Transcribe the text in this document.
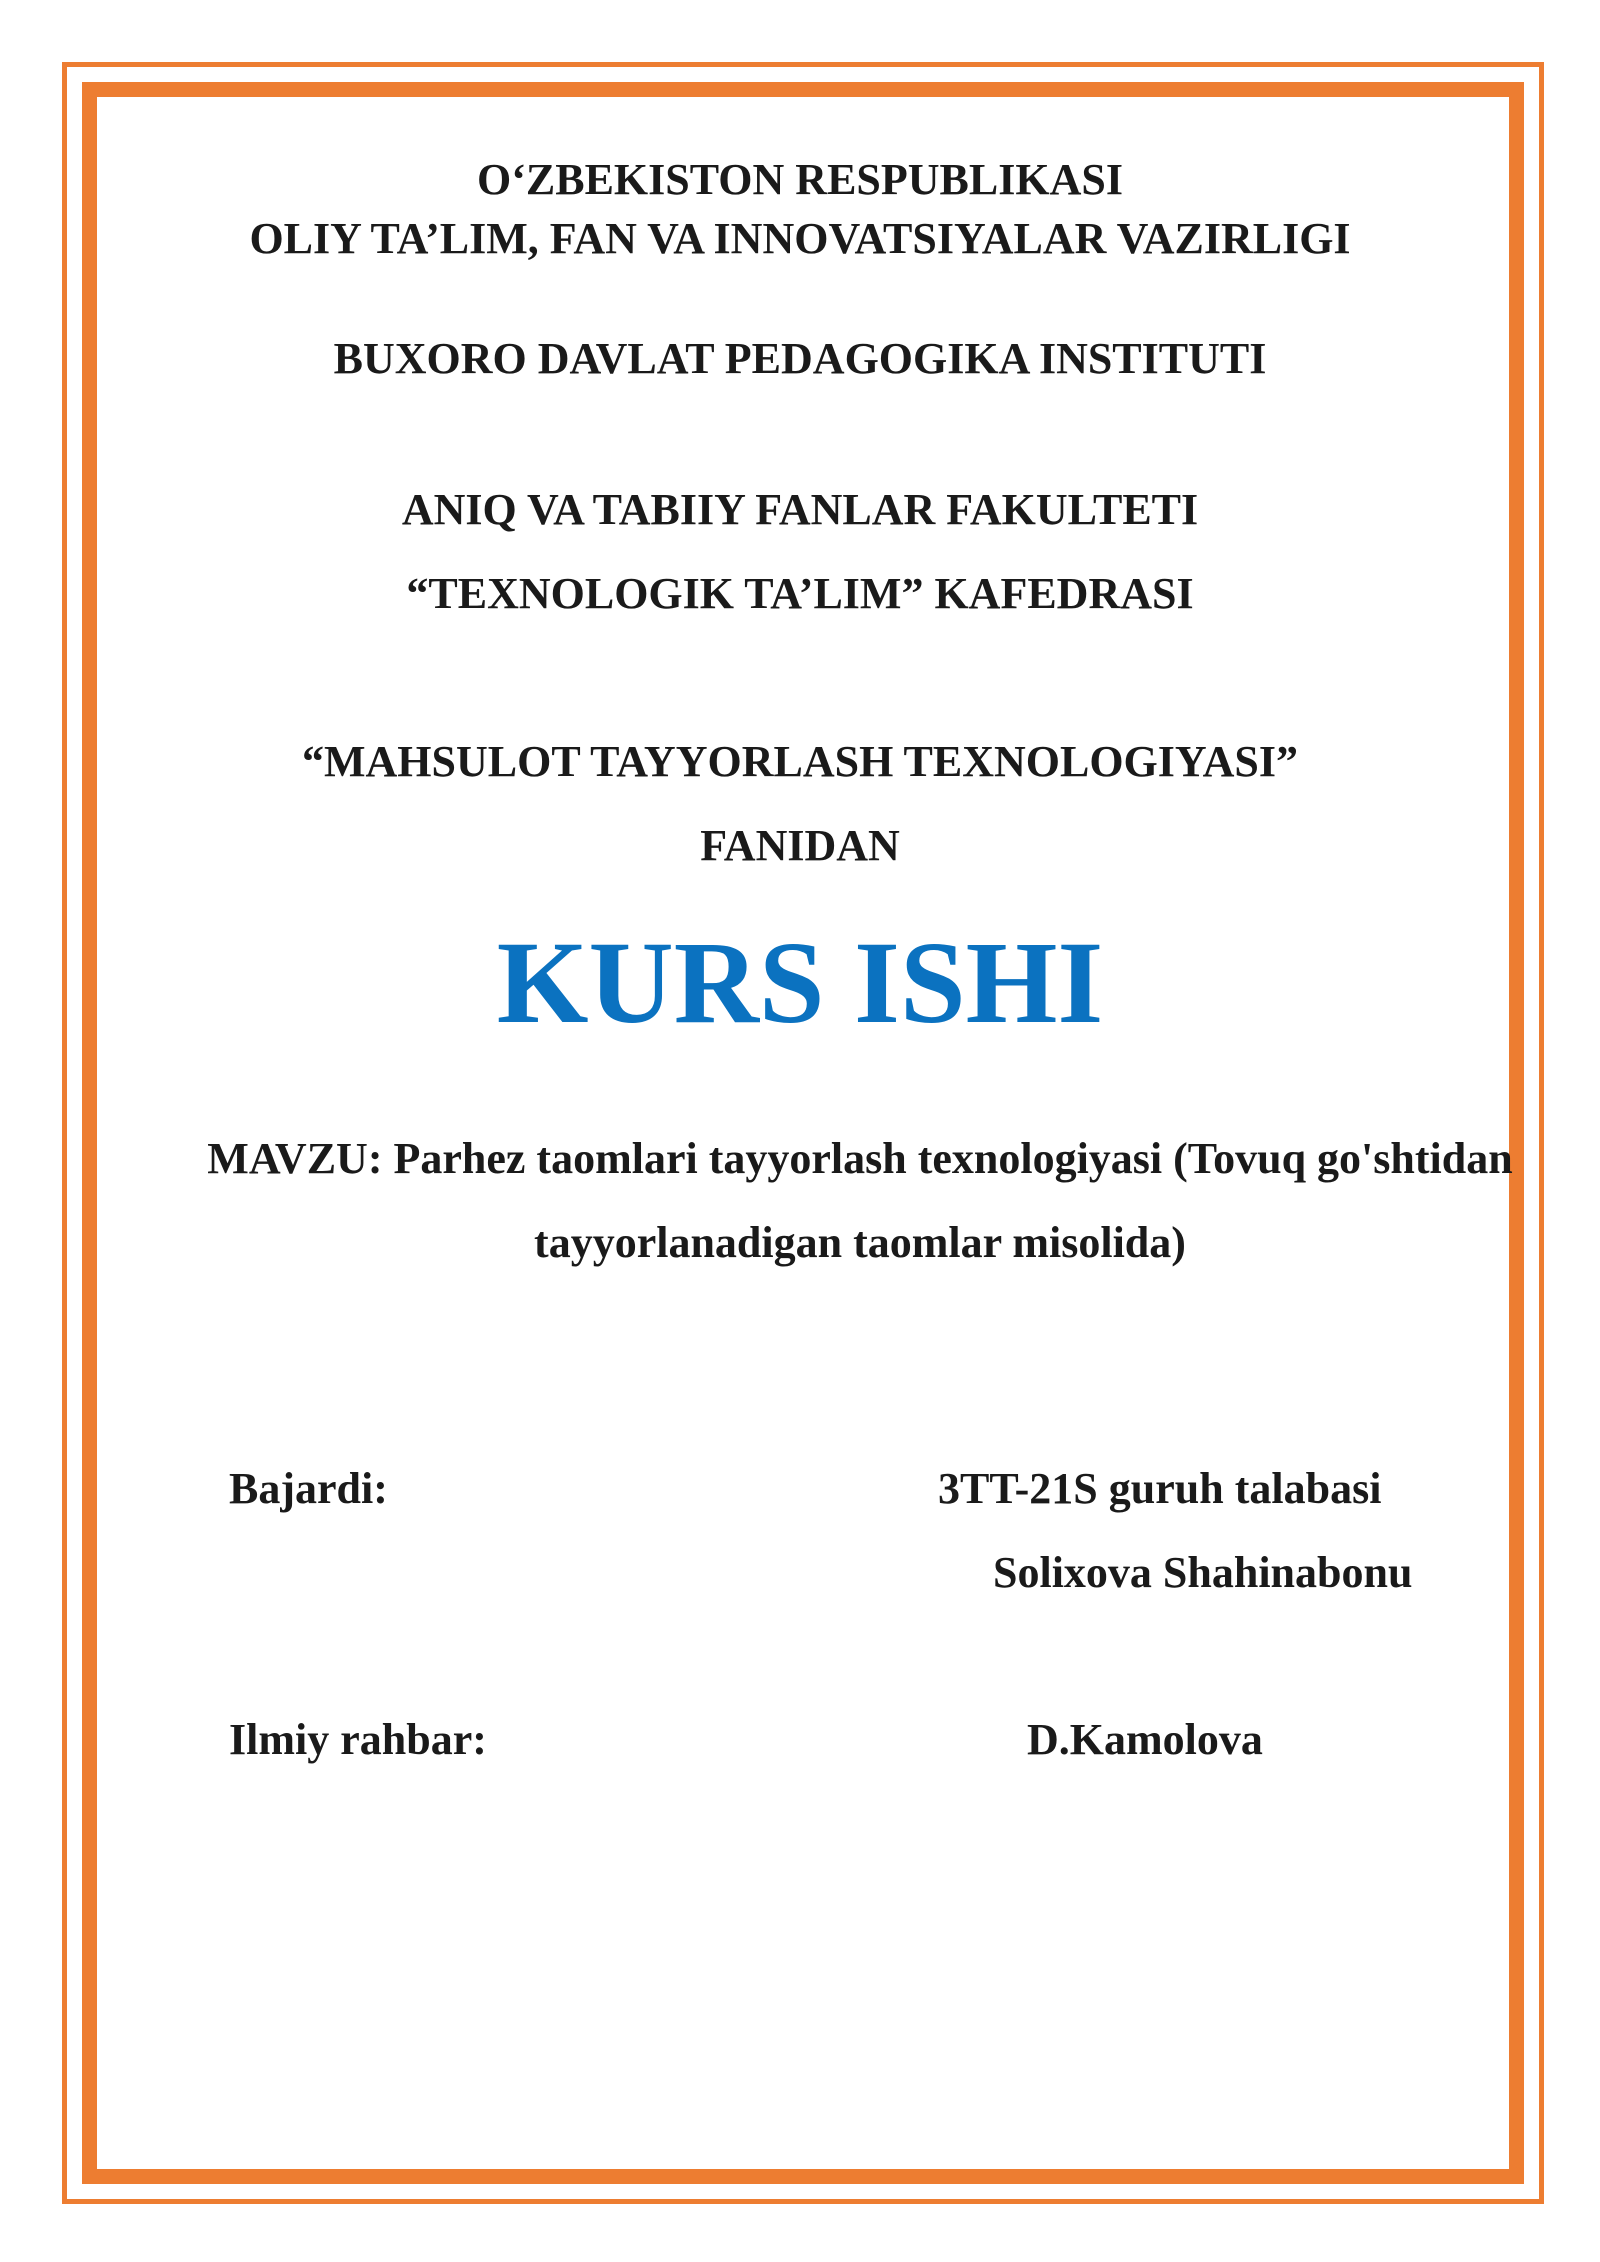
O‘ZBEKISTON RESPUBLIKASI
OLIY TA’LIM, FAN VA INNOVATSIYALAR VAZIRLIGI
BUXORO DAVLAT PEDAGOGIKA INSTITUTI
ANIQ VA TABIIY FANLAR FAKULTETI
“TEXNOLOGIK TA’LIM” KAFEDRASI
“MAHSULOT TAYYORLASH TEXNOLOGIYASI”
FANIDAN
KURS ISHI
MAVZU: Parhez taomlari tayyorlash texnologiyasi (Tovuq go'shtidan tayyorlanadigan taomlar misolida)
Bajardi:	3TT-21S guruh talabasi
Solixova Shahinabonu
Ilmiy rahbar:	D.Kamolova
